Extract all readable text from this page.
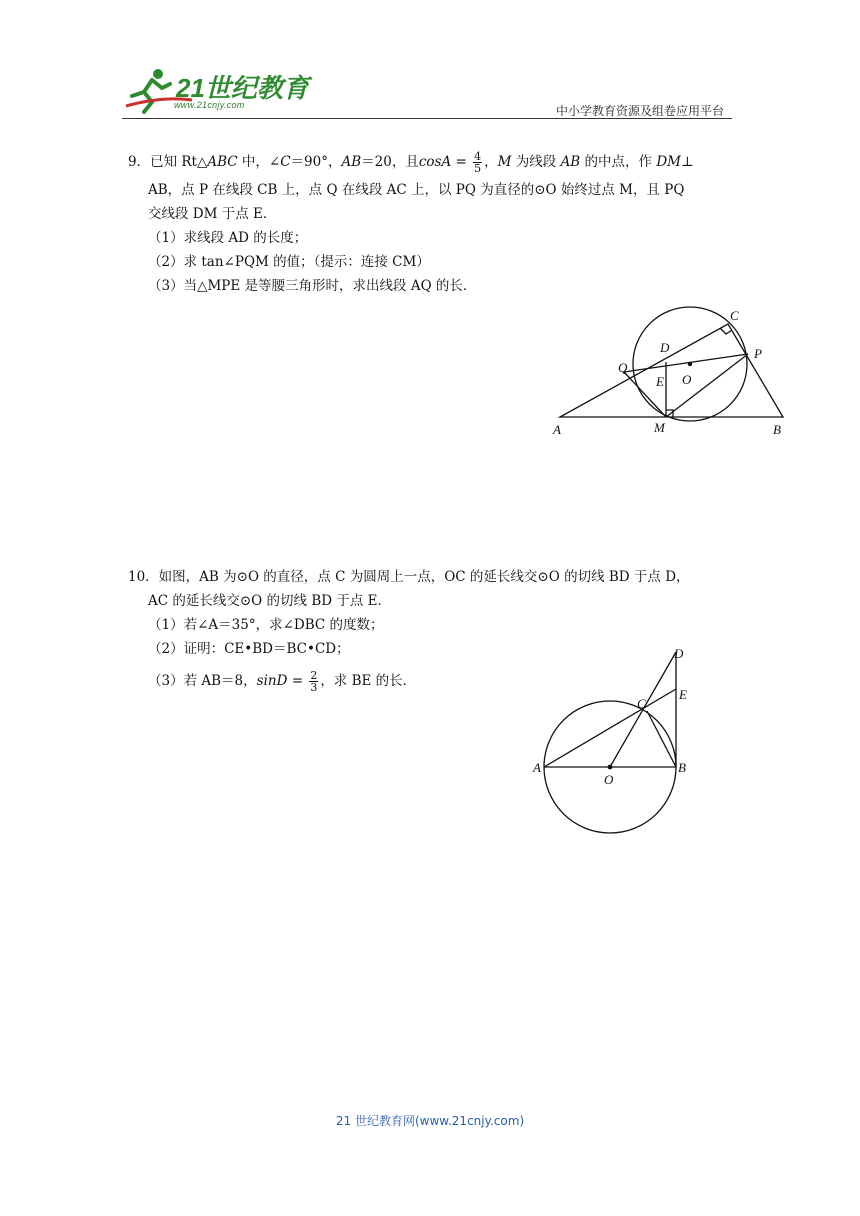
21世纪教育
www.21cnjy.com	中小学教育资源及组卷应用平台
9．已知 Rt△ABC 中，∠C＝90°，AB＝20，且$\cos A = \frac{4}{5}$ ，M 为线段 AB 的中点，作 DM⊥
AB，点 P 在线段 CB 上，点 Q 在线段 AC 上，以 PQ 为直径的⊙O 始终过点 M，且 PQ
交线段 DM 于点 E．
（1）求线段 AD 的长度；
（2）求 tan∠PQM 的值；（提示：连接 CM）
（3）当△MPE 是等腰三角形时，求出线段 AQ 的长．
C
D	P
Q
O
E
A	M	B
10．如图，AB 为⊙O 的直径，点 C 为圆周上一点，OC 的延长线交⊙O 的切线 BD 于点 D，
AC 的延长线交⊙O 的切线 BD 于点 E．
（1）若∠A＝35°，求∠DBC 的度数；
（2）证明：CE•BD＝BC•CD；
（3）若 AB＝8，$\sin D = \frac{2}{3}$ ，求 BE 的长．
D
C
E
A
O
B
21 世纪教育网(www.21cnjy.com)
